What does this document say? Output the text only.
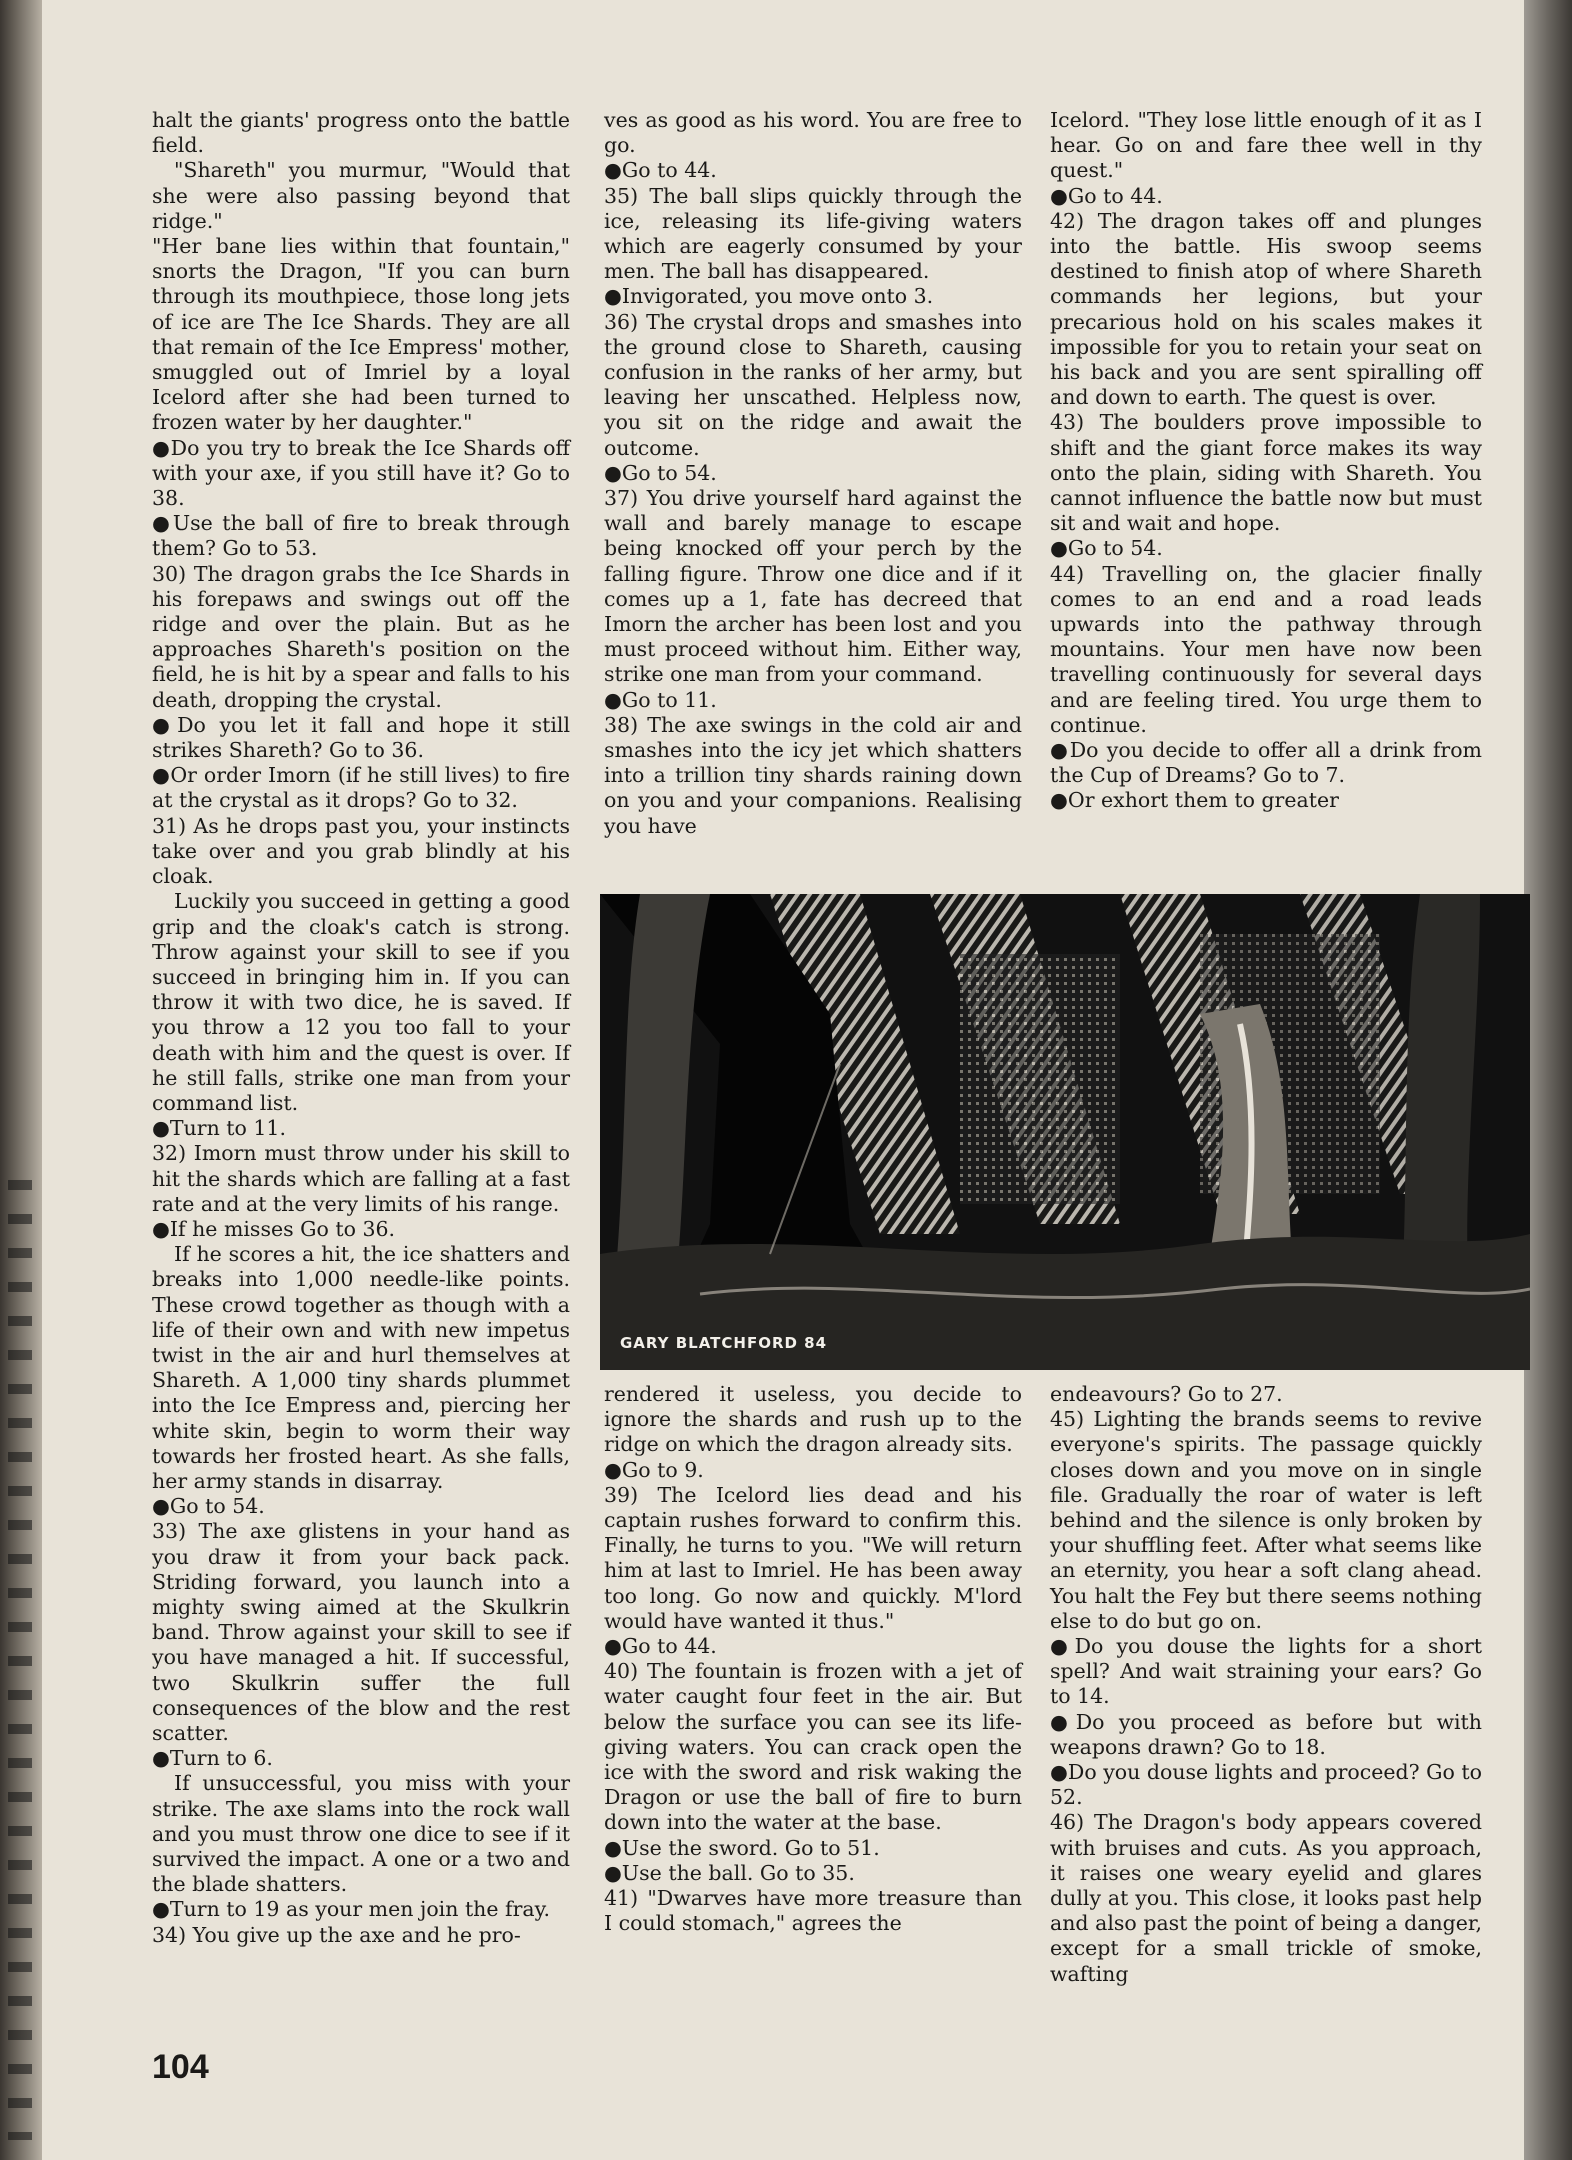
halt the giants' progress onto the battle field.

"Shareth" you murmur, "Would that she were also passing beyond that ridge."

"Her bane lies within that fountain," snorts the Dragon, "If you can burn through its mouthpiece, those long jets of ice are The Ice Shards. They are all that remain of the Ice Empress' mother, smuggled out of Imriel by a loyal Icelord after she had been turned to frozen water by her daughter."

●Do you try to break the Ice Shards off with your axe, if you still have it? Go to 38.

●Use the ball of fire to break through them? Go to 53.

30) The dragon grabs the Ice Shards in his forepaws and swings out off the ridge and over the plain. But as he approaches Shareth's position on the field, he is hit by a spear and falls to his death, dropping the crystal.

●Do you let it fall and hope it still strikes Shareth? Go to 36.

●Or order Imorn (if he still lives) to fire at the crystal as it drops? Go to 32.

31) As he drops past you, your instincts take over and you grab blindly at his cloak.

Luckily you succeed in getting a good grip and the cloak's catch is strong. Throw against your skill to see if you succeed in bringing him in. If you can throw it with two dice, he is saved. If you throw a 12 you too fall to your death with him and the quest is over. If he still falls, strike one man from your command list.

●Turn to 11.

32) Imorn must throw under his skill to hit the shards which are falling at a fast rate and at the very limits of his range.

●If he misses Go to 36.

If he scores a hit, the ice shatters and breaks into 1,000 needle-like points. These crowd together as though with a life of their own and with new impetus twist in the air and hurl themselves at Shareth. A 1,000 tiny shards plummet into the Ice Empress and, piercing her white skin, begin to worm their way towards her frosted heart. As she falls, her army stands in disarray.

●Go to 54.

33) The axe glistens in your hand as you draw it from your back pack. Striding forward, you launch into a mighty swing aimed at the Skulkrin band. Throw against your skill to see if you have managed a hit. If successful, two Skulkrin suffer the full consequences of the blow and the rest scatter.

●Turn to 6.

If unsuccessful, you miss with your strike. The axe slams into the rock wall and you must throw one dice to see if it survived the impact. A one or a two and the blade shatters.

●Turn to 19 as your men join the fray.

34) You give up the axe and he pro-

ves as good as his word. You are free to go.

●Go to 44.

35) The ball slips quickly through the ice, releasing its life-giving waters which are eagerly consumed by your men. The ball has disappeared.

●Invigorated, you move onto 3.

36) The crystal drops and smashes into the ground close to Shareth, causing confusion in the ranks of her army, but leaving her unscathed. Helpless now, you sit on the ridge and await the outcome.

●Go to 54.

37) You drive yourself hard against the wall and barely manage to escape being knocked off your perch by the falling figure. Throw one dice and if it comes up a 1, fate has decreed that Imorn the archer has been lost and you must proceed without him. Either way, strike one man from your command.

●Go to 11.

38) The axe swings in the cold air and smashes into the icy jet which shatters into a trillion tiny shards raining down on you and your companions. Realising you have

Icelord. "They lose little enough of it as I hear. Go on and fare thee well in thy quest."

●Go to 44.

42) The dragon takes off and plunges into the battle. His swoop seems destined to finish atop of where Shareth commands her legions, but your precarious hold on his scales makes it impossible for you to retain your seat on his back and you are sent spiralling off and down to earth. The quest is over.

43) The boulders prove impossible to shift and the giant force makes its way onto the plain, siding with Shareth. You cannot influence the battle now but must sit and wait and hope.

●Go to 54.

44) Travelling on, the glacier finally comes to an end and a road leads upwards into the pathway through mountains. Your men have now been travelling continuously for several days and are feeling tired. You urge them to continue.

●Do you decide to offer all a drink from the Cup of Dreams? Go to 7.

●Or exhort them to greater

GARY BLATCHFORD 84

rendered it useless, you decide to ignore the shards and rush up to the ridge on which the dragon already sits.

●Go to 9.

39) The Icelord lies dead and his captain rushes forward to confirm this. Finally, he turns to you. "We will return him at last to Imriel. He has been away too long. Go now and quickly. M'lord would have wanted it thus."

●Go to 44.

40) The fountain is frozen with a jet of water caught four feet in the air. But below the surface you can see its life-giving waters. You can crack open the ice with the sword and risk waking the Dragon or use the ball of fire to burn down into the water at the base.

●Use the sword. Go to 51.

●Use the ball. Go to 35.

41) "Dwarves have more treasure than I could stomach," agrees the

endeavours? Go to 27.

45) Lighting the brands seems to revive everyone's spirits. The passage quickly closes down and you move on in single file. Gradually the roar of water is left behind and the silence is only broken by your shuffling feet. After what seems like an eternity, you hear a soft clang ahead. You halt the Fey but there seems nothing else to do but go on.

●Do you douse the lights for a short spell? And wait straining your ears? Go to 14.

●Do you proceed as before but with weapons drawn? Go to 18.

●Do you douse lights and proceed? Go to 52.

46) The Dragon's body appears covered with bruises and cuts. As you approach, it raises one weary eyelid and glares dully at you. This close, it looks past help and also past the point of being a danger, except for a small trickle of smoke, wafting

104
